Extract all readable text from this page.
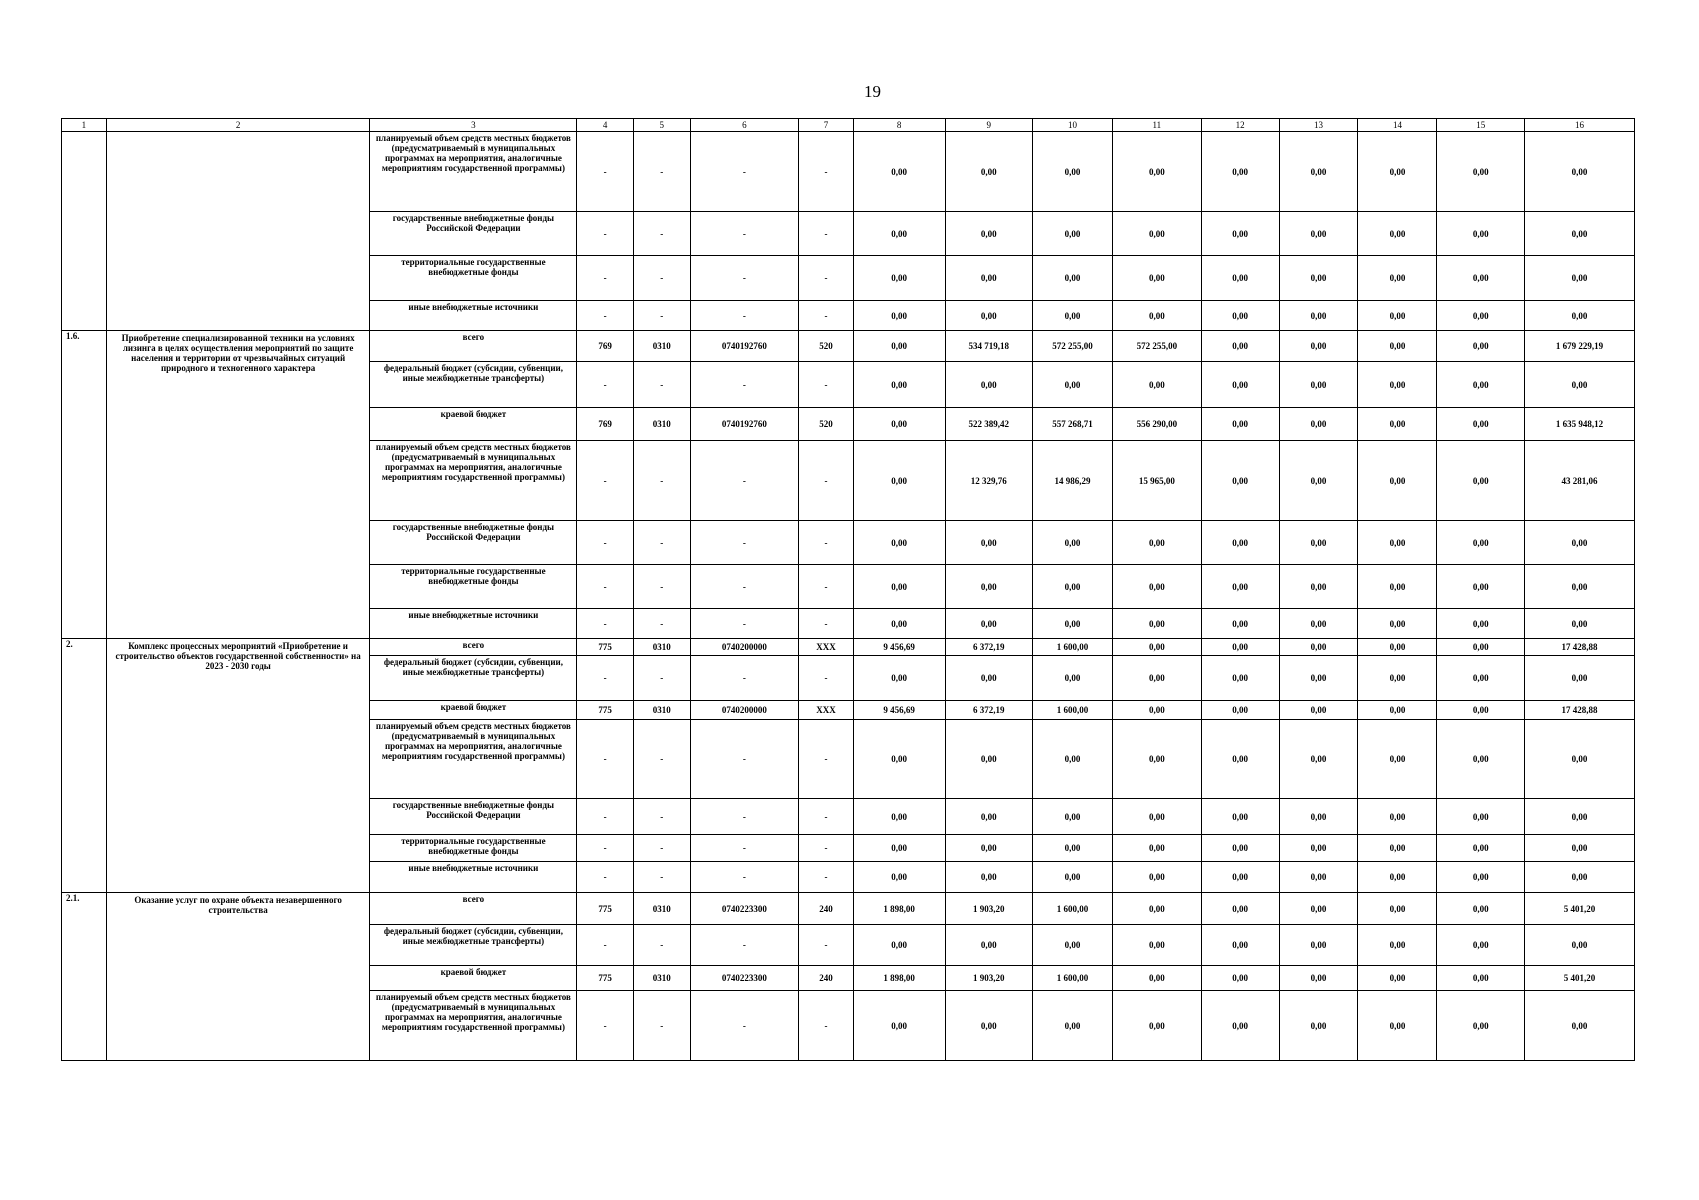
19
1	2	3	4	5	6	7	8	9	10	11	12	13	14	15	16
		планируемый объем средств местных бюджетов (предусматриваемый в муниципальных программах на мероприятия, аналогичные мероприятиям государственной программы)	-	-	-	-	0,00	0,00	0,00	0,00	0,00	0,00	0,00	0,00	0,00
		государственные внебюджетные фонды Российской Федерации	-	-	-	-	0,00	0,00	0,00	0,00	0,00	0,00	0,00	0,00	0,00
		территориальные государственные внебюджетные фонды	-	-	-	-	0,00	0,00	0,00	0,00	0,00	0,00	0,00	0,00	0,00
		иные внебюджетные источники	-	-	-	-	0,00	0,00	0,00	0,00	0,00	0,00	0,00	0,00	0,00
1.6.	Приобретение специализированной техники на условиях лизинга в целях осуществления мероприятий по защите населения и территории от чрезвычайных ситуаций природного и техногенного характера	всего	769	0310	0740192760	520	0,00	534 719,18	572 255,00	572 255,00	0,00	0,00	0,00	0,00	1 679 229,19
		федеральный бюджет (субсидии, субвенции, иные межбюджетные трансферты)	-	-	-	-	0,00	0,00	0,00	0,00	0,00	0,00	0,00	0,00	0,00
		краевой бюджет	769	0310	0740192760	520	0,00	522 389,42	557 268,71	556 290,00	0,00	0,00	0,00	0,00	1 635 948,12
		планируемый объем средств местных бюджетов (предусматриваемый в муниципальных программах на мероприятия, аналогичные мероприятиям государственной программы)	-	-	-	-	0,00	12 329,76	14 986,29	15 965,00	0,00	0,00	0,00	0,00	43 281,06
		государственные внебюджетные фонды Российской Федерации	-	-	-	-	0,00	0,00	0,00	0,00	0,00	0,00	0,00	0,00	0,00
		территориальные государственные внебюджетные фонды	-	-	-	-	0,00	0,00	0,00	0,00	0,00	0,00	0,00	0,00	0,00
		иные внебюджетные источники	-	-	-	-	0,00	0,00	0,00	0,00	0,00	0,00	0,00	0,00	0,00
2.	Комплекс процессных мероприятий «Приобретение и строительство объектов государственной собственности» на 2023 - 2030 годы	всего	775	0310	0740200000	XXX	9 456,69	6 372,19	1 600,00	0,00	0,00	0,00	0,00	0,00	17 428,88
		федеральный бюджет (субсидии, субвенции, иные межбюджетные трансферты)	-	-	-	-	0,00	0,00	0,00	0,00	0,00	0,00	0,00	0,00	0,00
		краевой бюджет	775	0310	0740200000	XXX	9 456,69	6 372,19	1 600,00	0,00	0,00	0,00	0,00	0,00	17 428,88
		планируемый объем средств местных бюджетов (предусматриваемый в муниципальных программах на мероприятия, аналогичные мероприятиям государственной программы)	-	-	-	-	0,00	0,00	0,00	0,00	0,00	0,00	0,00	0,00	0,00
		государственные внебюджетные фонды Российской Федерации	-	-	-	-	0,00	0,00	0,00	0,00	0,00	0,00	0,00	0,00	0,00
		территориальные государственные внебюджетные фонды	-	-	-	-	0,00	0,00	0,00	0,00	0,00	0,00	0,00	0,00	0,00
		иные внебюджетные источники	-	-	-	-	0,00	0,00	0,00	0,00	0,00	0,00	0,00	0,00	0,00
2.1.	Оказание услуг по охране объекта незавершенного строительства	всего	775	0310	0740223300	240	1 898,00	1 903,20	1 600,00	0,00	0,00	0,00	0,00	0,00	5 401,20
		федеральный бюджет (субсидии, субвенции, иные межбюджетные трансферты)	-	-	-	-	0,00	0,00	0,00	0,00	0,00	0,00	0,00	0,00	0,00
		краевой бюджет	775	0310	0740223300	240	1 898,00	1 903,20	1 600,00	0,00	0,00	0,00	0,00	0,00	5 401,20
		планируемый объем средств местных бюджетов (предусматриваемый в муниципальных программах на мероприятия, аналогичные мероприятиям государственной программы)	-	-	-	-	0,00	0,00	0,00	0,00	0,00	0,00	0,00	0,00	0,00
